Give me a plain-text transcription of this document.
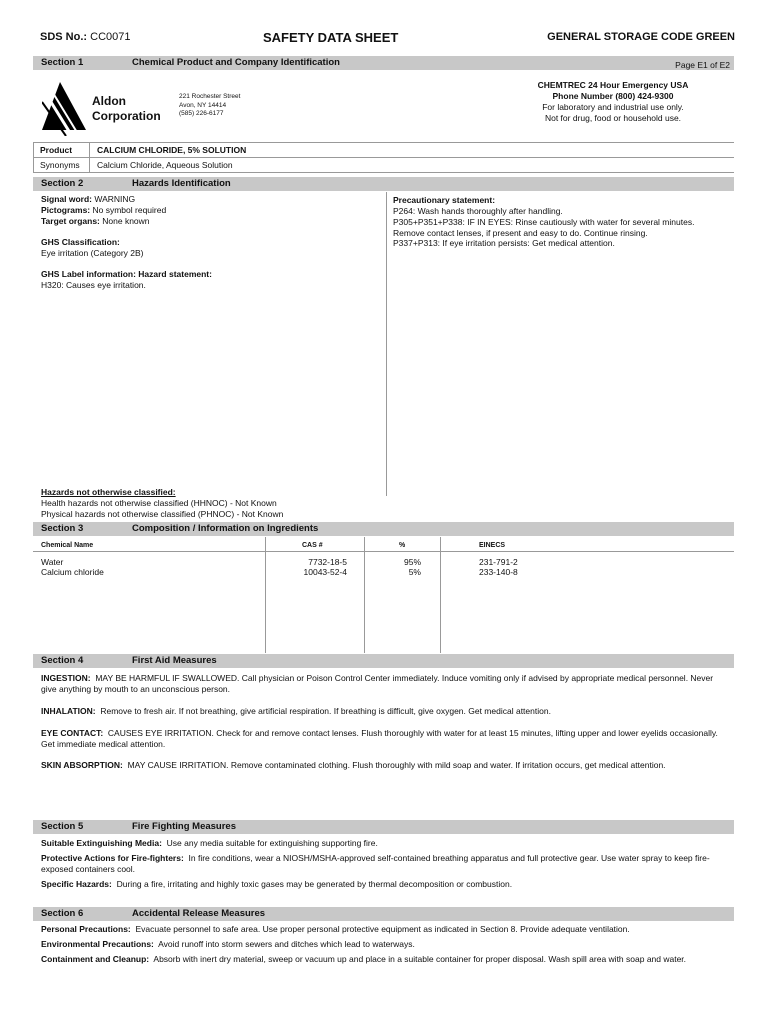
SDS No.: CC0071	SAFETY DATA SHEET	GENERAL STORAGE CODE GREEN
Section 1	Chemical Product and Company Identification	Page E1 of E2
Aldon
Corporation
221 Rochester Street
Avon, NY 14414
(585) 226-6177
CHEMTREC 24 Hour Emergency USA
Phone Number (800) 424-9300
For laboratory and industrial use only.
Not for drug, food or household use.
Product	CALCIUM CHLORIDE, 5% SOLUTION
Synonyms Calcium Chloride, Aqueous Solution
Section 2	Hazards Identification
Signal word: WARNING
Pictograms: No symbol required
Target organs: None known
GHS Classification:
Eye irritation (Category 2B)
GHS Label information: Hazard statement:
H320: Causes eye irritation.
Precautionary statement:
P264: Wash hands thoroughly after handling.
P305+P351+P338: IF IN EYES: Rinse cautiously with water for several minutes.
Remove contact lenses, if present and easy to do. Continue rinsing.
P337+P313: If eye irritation persists: Get medical attention.
Hazards not otherwise classified:
Health hazards not otherwise classified (HHNOC) - Not Known
Physical hazards not otherwise classified (PHNOC) - Not Known
Section 3	Composition / Information on Ingredients
Chemical Name	CAS #	%	EINECS
Water	7732-18-5	95%	231-791-2
Calcium chloride	10043-52-4	5%	233-140-8
Section 4	First Aid Measures
INGESTION: MAY BE HARMFUL IF SWALLOWED. Call physician or Poison Control Center immediately. Induce vomiting only if advised by appropriate medical personnel. Never give anything by mouth to an unconscious person.
INHALATION: Remove to fresh air. If not breathing, give artificial respiration. If breathing is difficult, give oxygen. Get medical attention.
EYE CONTACT: CAUSES EYE IRRITATION. Check for and remove contact lenses. Flush thoroughly with water for at least 15 minutes, lifting upper and lower eyelids occasionally. Get immediate medical attention.
SKIN ABSORPTION: MAY CAUSE IRRITATION. Remove contaminated clothing. Flush thoroughly with mild soap and water. If irritation occurs, get medical attention.
Section 5	Fire Fighting Measures
Suitable Extinguishing Media: Use any media suitable for extinguishing supporting fire.
Protective Actions for Fire-fighters: In fire conditions, wear a NIOSH/MSHA-approved self-contained breathing apparatus and full protective gear. Use water spray to keep fire-exposed containers cool.
Specific Hazards: During a fire, irritating and highly toxic gases may be generated by thermal decomposition or combustion.
Section 6	Accidental Release Measures
Personal Precautions: Evacuate personnel to safe area. Use proper personal protective equipment as indicated in Section 8. Provide adequate ventilation.
Environmental Precautions: Avoid runoff into storm sewers and ditches which lead to waterways.
Containment and Cleanup: Absorb with inert dry material, sweep or vacuum up and place in a suitable container for proper disposal. Wash spill area with soap and water.
